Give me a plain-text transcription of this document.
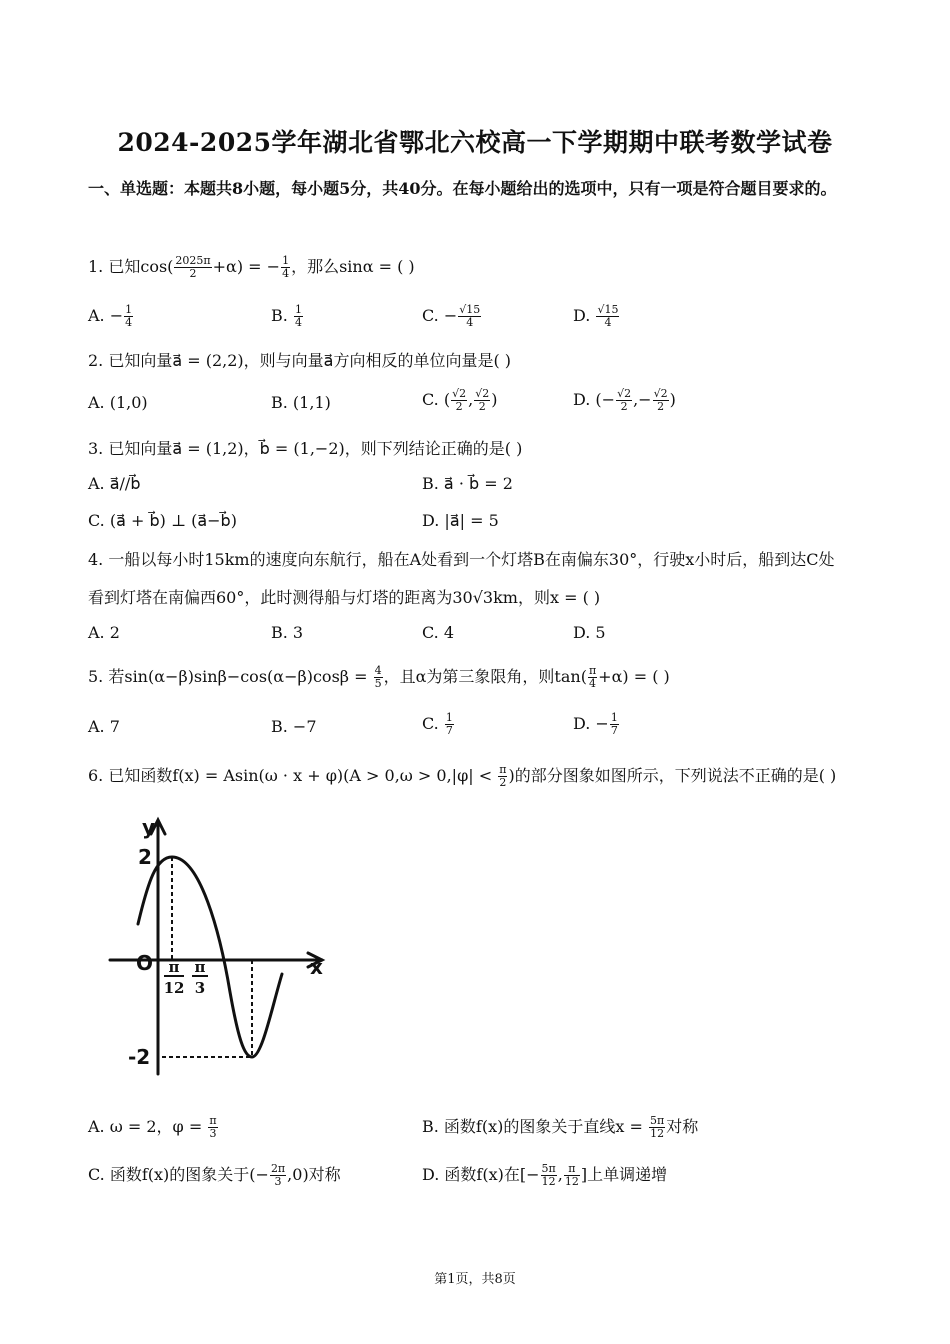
2024-2025学年湖北省鄂北六校高一下学期期中联考数学试卷
一、单选题：本题共8小题，每小题5分，共40分。在每小题给出的选项中，只有一项是符合题目要求的。
1. 已知$\cos( \frac{2025\pi}{2} +\alpha)$ = − $\frac{1}{4}$ ，那么sinα = ( )
A. − $\frac{1}{4}$	B. $\frac{1}{4}$	C. − $\frac{√15}{4}$	D. $\frac{√15}{4}$
2. 已知向量a⃗ = (2,2)，则与向量a⃗方向相反的单位向量是( )
A. (1,0)	B. (1,1)	C. ( $\frac{√2}{2}$ , $\frac{√2}{2}$ )	D. (− $\frac{√2}{2}$ ,− $\frac{√2}{2}$ )
3. 已知向量a⃗ = (1,2)，b⃗ = (1,−2)，则下列结论正确的是( )
A. a⃗//b⃗	B. a⃗ · b⃗ = 2
C. (a⃗ + b⃗) ⊥ (a⃗−b⃗)	D. |a⃗| = 5
4. 一船以每小时15km的速度向东航行，船在A处看到一个灯塔B在南偏东30°，行驶x小时后，船到达C处
看到灯塔在南偏西60°，此时测得船与灯塔的距离为30√3km，则x = ( )
A. 2	B. 3	C. 4	D. 5
5. 若$\sin(\alpha-\beta)\sin\beta-\cos(\alpha-\beta)\cos\beta = \frac{4}{5}$ ，且α为第三象限角，则$\tan( \frac{\pi}{4} +\alpha)$ = ( )
A. 7	B. −7	C. $\frac{1}{7}$	D. − $\frac{1}{7}$
6. 已知函数$f(x) = Asin(\omega \cdot x + \varphi)(A > 0,\omega > 0,|\varphi| < \frac{\pi}{2}$ )的部分图象如图所示，下列说法不正确的是( )
y
x
O
2
-2
π
12
π
3
A. ω = 2，$\varphi = \frac{\pi}{3}$	B. 函数f(x)的图象关于直线$x = \frac{5\pi}{12}$ 对称
C. 函数f(x)的图象关于(− $\frac{2\pi}{3} ,0$)对称	D. 函数f(x)在[− $\frac{5\pi}{12}$ , $\frac{\pi}{12}$ ]上单调递增
第1页，共8页
